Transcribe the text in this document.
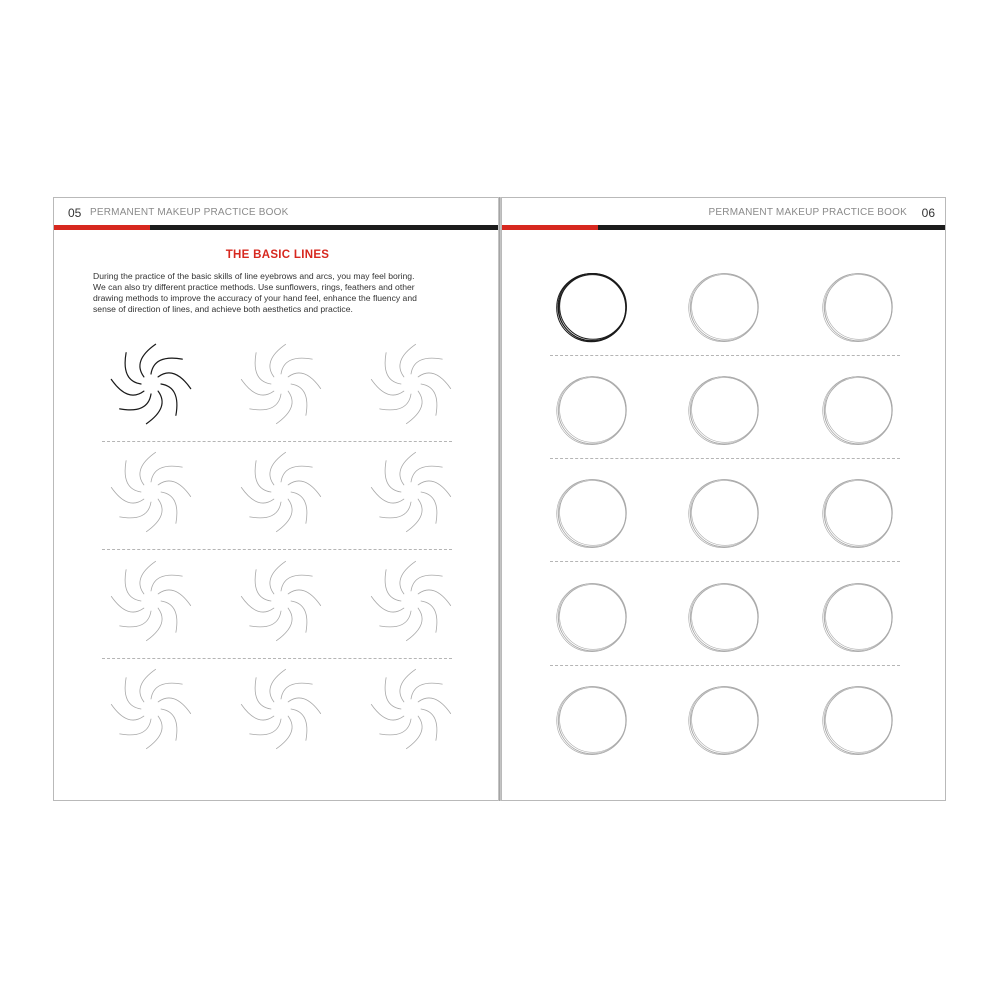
05 PERMANENT MAKEUP PRACTICE BOOK
THE BASIC LINES
During the practice of the basic skills of line eyebrows and arcs, you may feel boring.
We can also try different practice methods. Use sunflowers, rings, feathers and other
drawing methods to improve the accuracy of your hand feel, enhance the fluency and
sense of direction of lines, and achieve both aesthetics and practice.
PERMANENT MAKEUP PRACTICE BOOK 06
